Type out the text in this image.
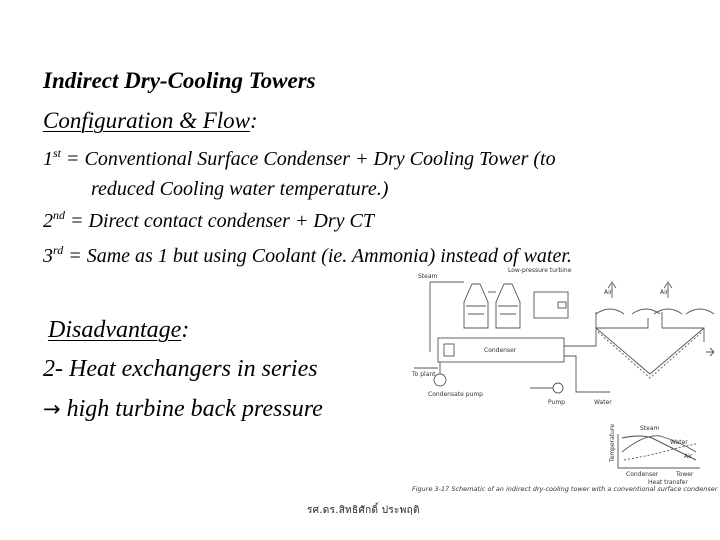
Indirect Dry-Cooling Towers
Configuration & Flow:
1st = Conventional Surface Condenser + Dry Cooling Tower (to
reduced Cooling water temperature.)
2nd = Direct contact condenser + Dry CT
3rd = Same as 1 but using Coolant (ie. Ammonia) instead of water.
Disadvantage:
2- Heat exchangers in series
→ high turbine back pressure
Low-pressure turbine
Steam
Condenser
Air	Air
To plant
Condensate pump
Pump	Water
Steam
Water
Air
Temperature
Condenser	Tower
Heat transfer
Figure 3-17 Schematic of an indirect dry-cooling tower with a conventional surface condenser
รศ.ดร.สิทธิศักดิ์ ประพฤติ
